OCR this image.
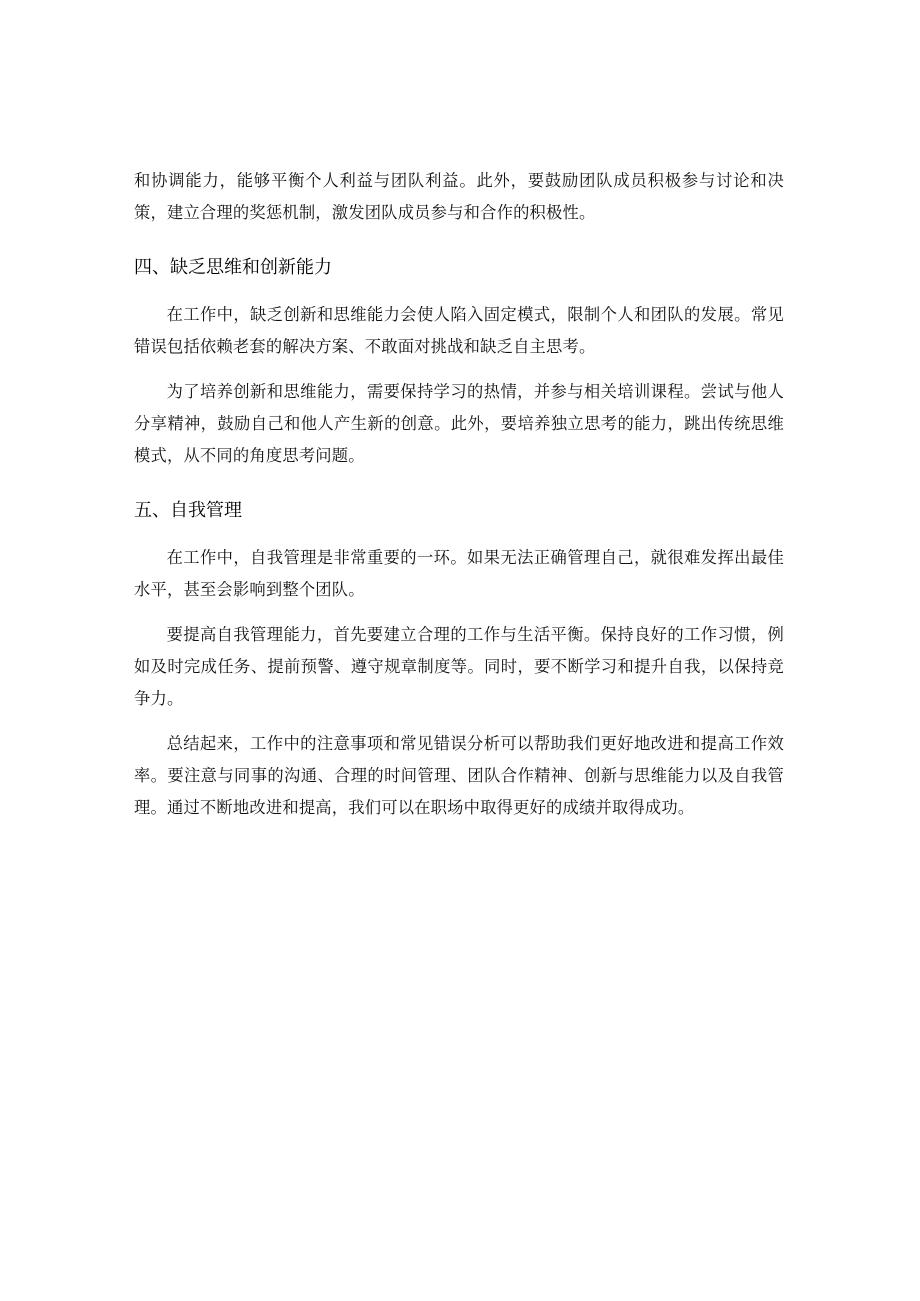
和协调能力，能够平衡个人利益与团队利益。此外，要鼓励团队成员积极参与讨论和决策，建立合理的奖惩机制，激发团队成员参与和合作的积极性。

四、缺乏思维和创新能力

在工作中，缺乏创新和思维能力会使人陷入固定模式，限制个人和团队的发展。常见错误包括依赖老套的解决方案、不敢面对挑战和缺乏自主思考。

为了培养创新和思维能力，需要保持学习的热情，并参与相关培训课程。尝试与他人分享精神，鼓励自己和他人产生新的创意。此外，要培养独立思考的能力，跳出传统思维模式，从不同的角度思考问题。

五、自我管理

在工作中，自我管理是非常重要的一环。如果无法正确管理自己，就很难发挥出最佳水平，甚至会影响到整个团队。

要提高自我管理能力，首先要建立合理的工作与生活平衡。保持良好的工作习惯，例如及时完成任务、提前预警、遵守规章制度等。同时，要不断学习和提升自我，以保持竞争力。

总结起来，工作中的注意事项和常见错误分析可以帮助我们更好地改进和提高工作效率。要注意与同事的沟通、合理的时间管理、团队合作精神、创新与思维能力以及自我管理。通过不断地改进和提高，我们可以在职场中取得更好的成绩并取得成功。
